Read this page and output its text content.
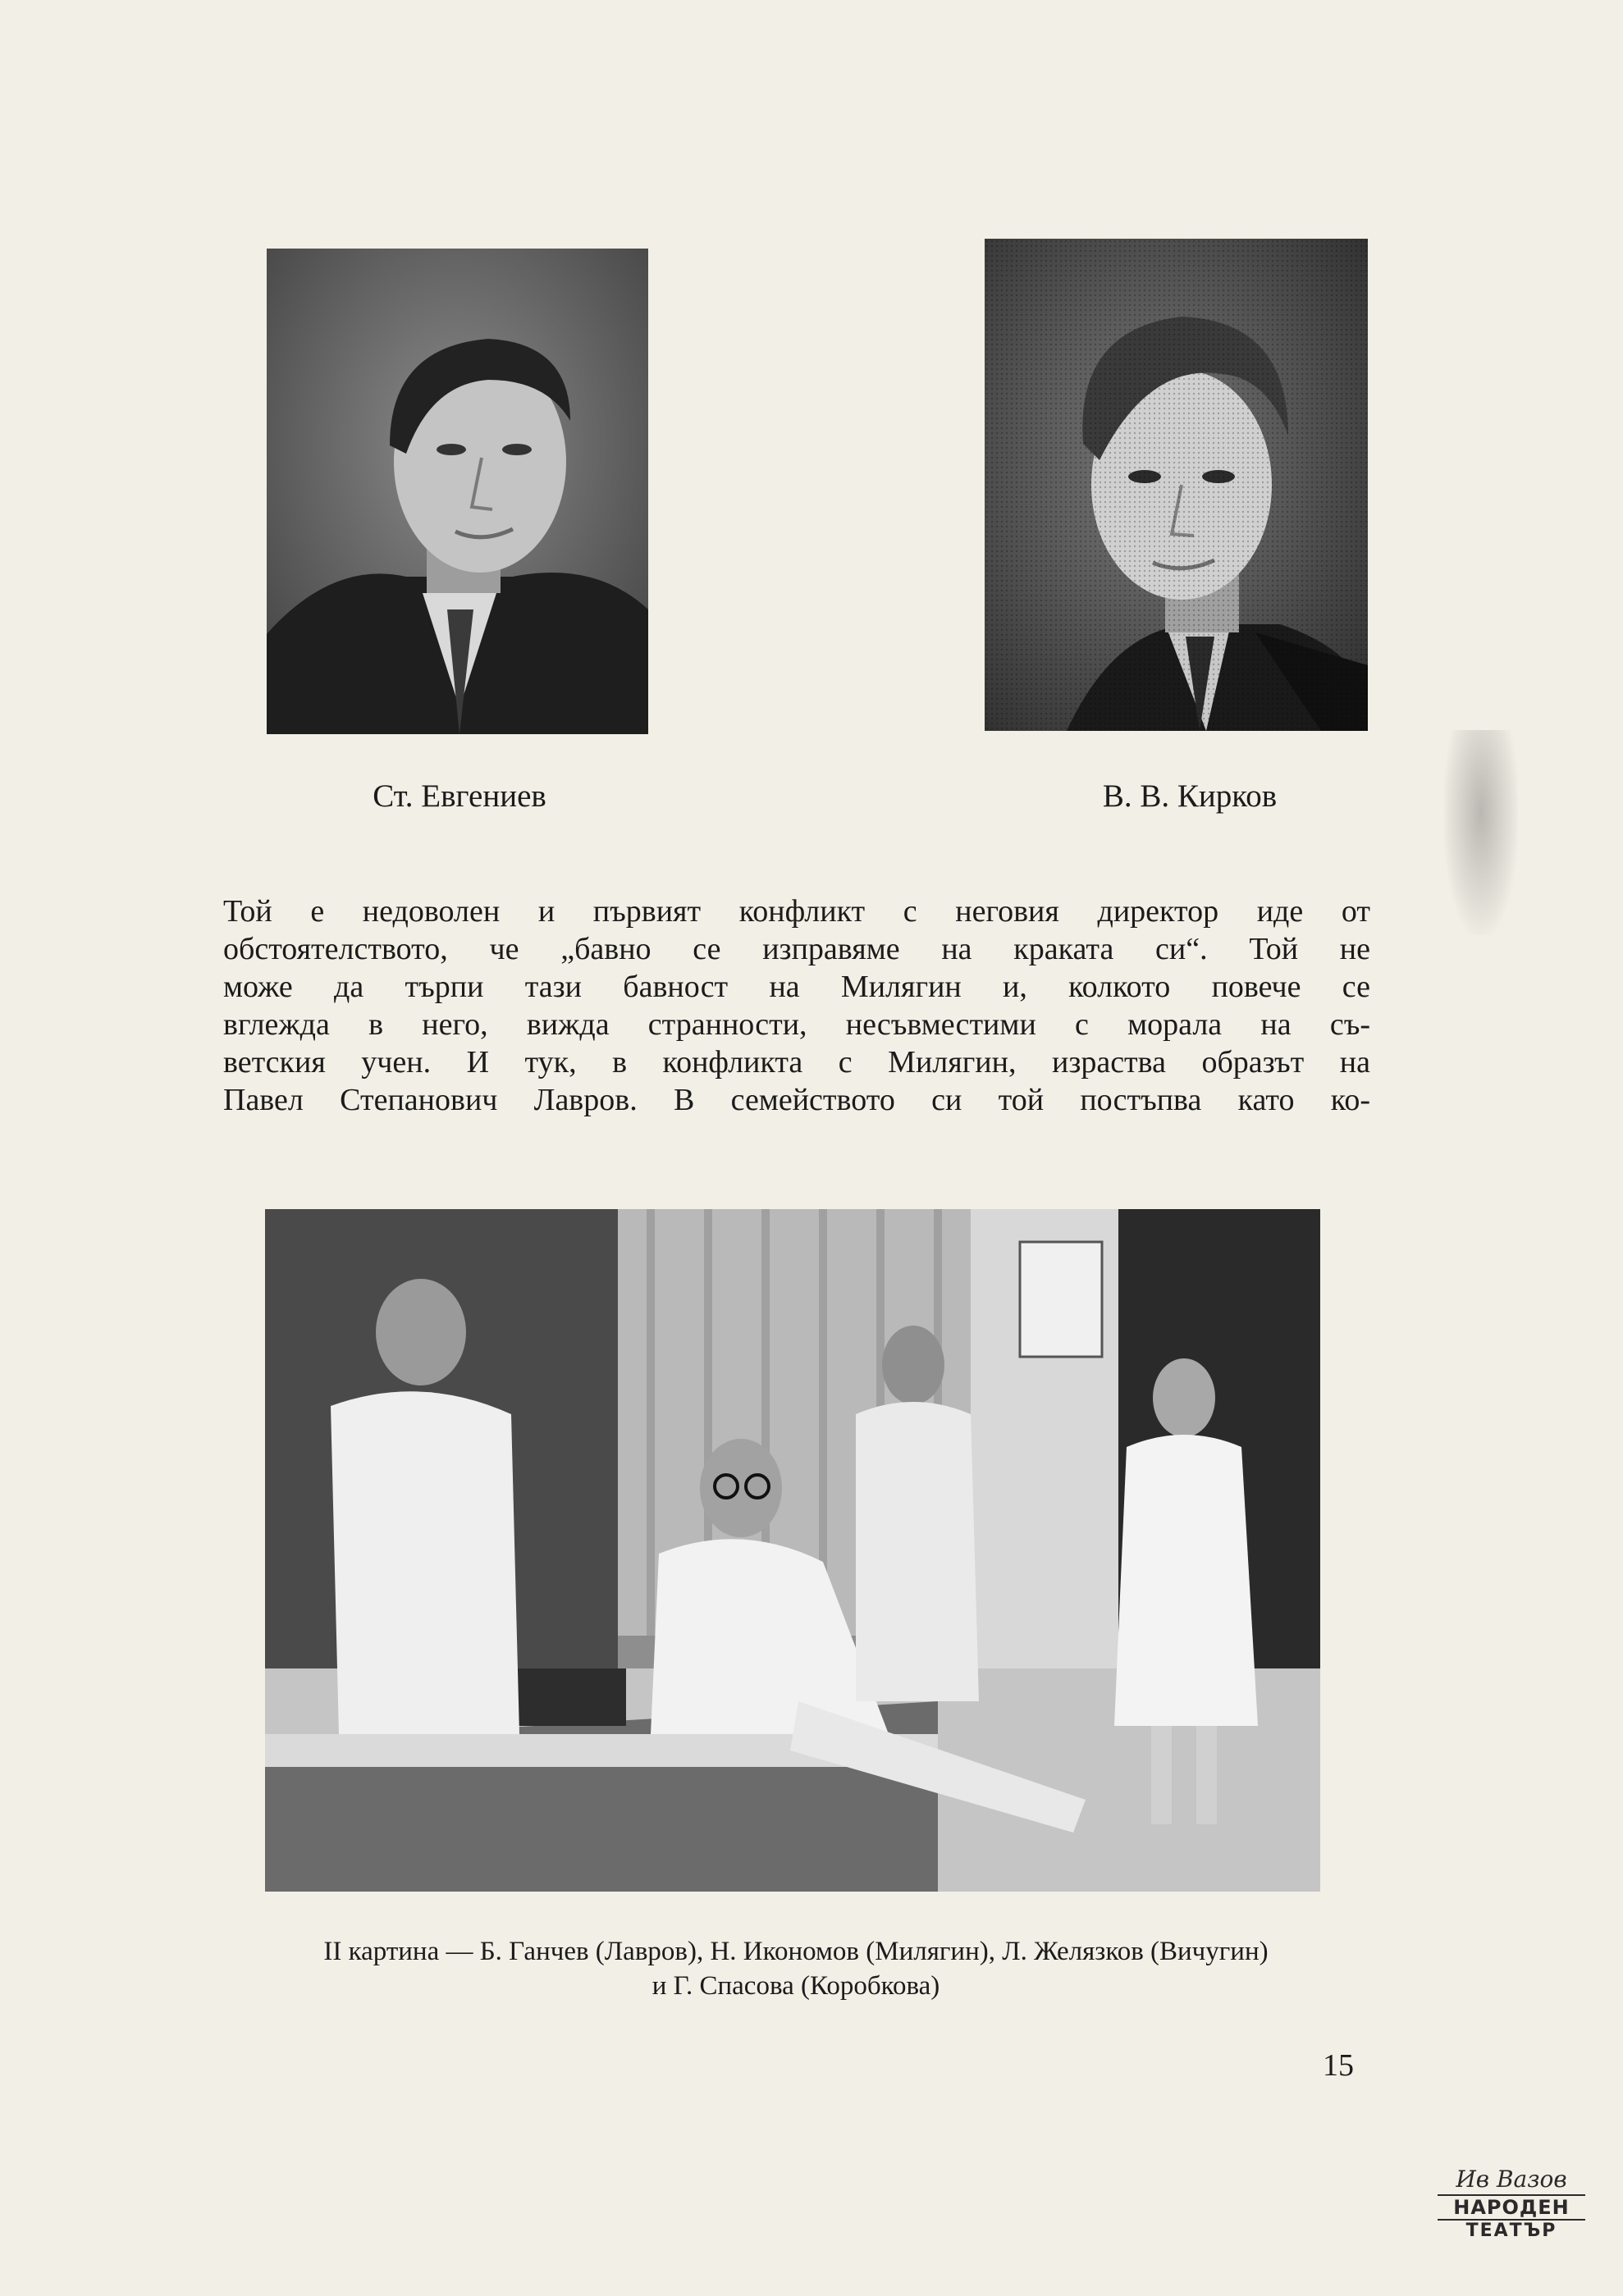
Ст. Евгениев	В. В. Кирков

Той е недоволен и първият конфликт с неговия директор иде от

обстоятелството, че „бавно се изправяме на краката си“. Той не

може да търпи тази бавност на Милягин и, колкото повече се

вглежда в него, вижда странности, несъвместими с морала на съ-

ветския учен. И тук, в конфликта с Милягин, израства образът на

Павел Степанович Лавров. В семейството си той постъпва като ко-

II картина — Б. Ганчев (Лавров), Н. Икономов (Милягин), Л. Желязков (Вичугин)
и Г. Спасова (Коробкова)
15
Ив Вазов
НАРОДЕН
ТЕАТЪР
